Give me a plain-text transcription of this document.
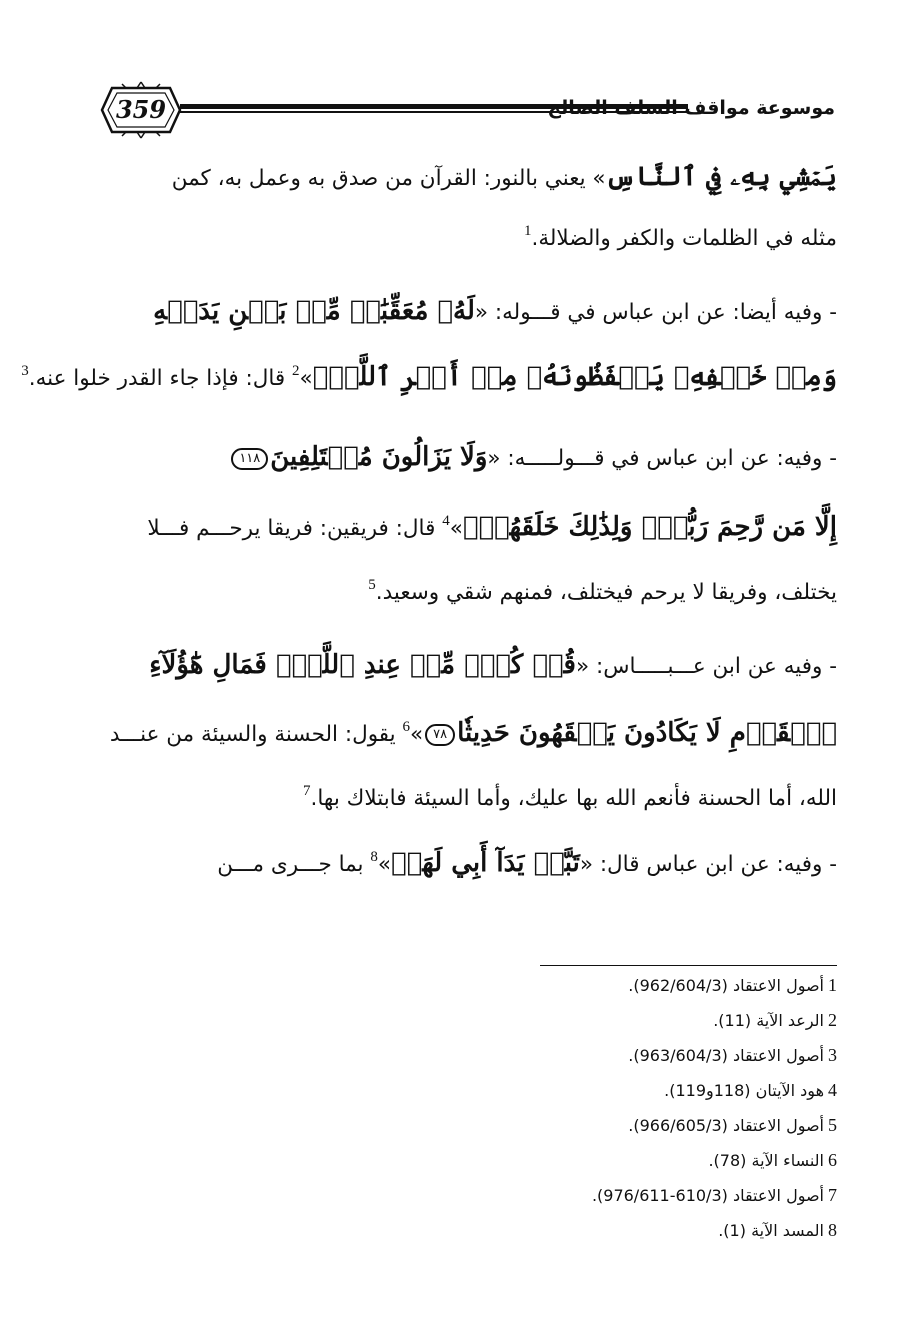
359	موسوعة مواقف السلف الصالح
يَمۡشِي بِهِۦ فِي ٱلنَّاسِ» يعني بالنور: القرآن من صدق به وعمل به، كمن
مثله في الظلمات والكفر والضلالة.$^1$
- وفيه أيضا: عن ابن عباس في قـــوله: «لَهُۥ مُعَقِّبَٰتٞ مِّنۢ بَيۡنِ يَدَيۡهِ
وَمِنۡ خَلۡفِهِۦ يَحۡفَظُونَهُۥ مِنۡ أَمۡرِ ٱللَّهِۗ»$^2$ قال: فإذا جاء القدر خلوا عنه.$^3$
- وفيه: عن ابن عباس في قـــولـــــه: «وَلَا يَزَالُونَ مُخۡتَلِفِينَ١١٨
إِلَّا مَن رَّحِمَ رَبُّكَۚ وَلِذَٰلِكَ خَلَقَهُمۡۗ»$^4$ قال: فريقين: فريقا يرحـــم فـــلا
يختلف، وفريقا لا يرحم فيختلف، فمنهم شقي وسعيد.$^5$
- وفيه عن ابن عـــبـــــاس: «قُلۡ كُلّٞ مِّنۡ عِندِ ٱللَّهِۖ فَمَالِ هَٰٓؤُلَآءِ
ٱلۡقَوۡمِ لَا يَكَادُونَ يَفۡقَهُونَ حَدِيثٗا٧٨»$^6$ يقول: الحسنة والسيئة من عنـــد
الله، أما الحسنة فأنعم الله بها عليك، وأما السيئة فابتلاك بها.$^7$
- وفيه: عن ابن عباس قال: «تَبَّتۡ يَدَآ أَبِي لَهَبٖ»$^8$ بما جـــرى مـــن
1أصول الاعتقاد (962/604/3).
2الرعد الآية (11).
3أصول الاعتقاد (963/604/3).
4هود الآيتان (118و119).
5أصول الاعتقاد (966/605/3).
6النساء الآية (78).
7أصول الاعتقاد (610/3-976/611).
8المسد الآية (1).
